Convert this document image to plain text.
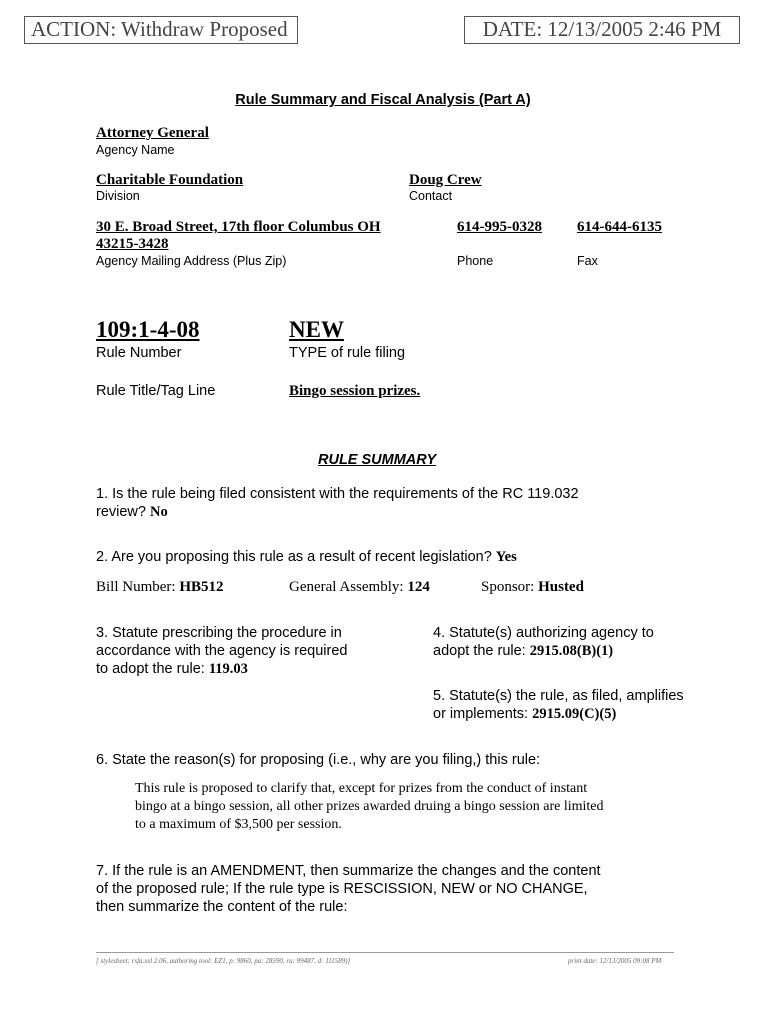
ACTION: Withdraw Proposed	DATE: 12/13/2005 2:46 PM
Rule Summary and Fiscal Analysis (Part A)
Attorney General
Agency Name
Charitable Foundation
Division
Doug Crew
Contact
30 E. Broad Street, 17th floor Columbus OH
43215-3428
Agency Mailing Address (Plus Zip)
614-995-0328
Phone
614-644-6135
Fax
109:1-4-08
Rule Number
NEW
TYPE of rule filing
Rule Title/Tag Line	Bingo session prizes.
RULE SUMMARY
1. Is the rule being filed consistent with the requirements of the RC 119.032
review? No
2. Are you proposing this rule as a result of recent legislation? Yes
Bill Number: HB512	General Assembly: 124	Sponsor: Husted
3. Statute prescribing the procedure in
accordance with the agency is required
to adopt the rule: 119.03
4. Statute(s) authorizing agency to
adopt the rule: 2915.08(B)(1)
5. Statute(s) the rule, as filed, amplifies
or implements: 2915.09(C)(5)
6. State the reason(s) for proposing (i.e., why are you filing,) this rule:
This rule is proposed to clarify that, except for prizes from the conduct of instant
bingo at a bingo session, all other prizes awarded druing a bingo session are limited
to a maximum of $3,500 per session.
7. If the rule is an AMENDMENT, then summarize the changes and the content
of the proposed rule; If the rule type is RESCISSION, NEW or NO CHANGE,
then summarize the content of the rule:
[ stylesheet: rsfa.xsl 2.06, authoring tool: EZ1, p: 9860, pa: 28590, ra: 99487, d: 111589)]	print date: 12/13/2005 09:08 PM
